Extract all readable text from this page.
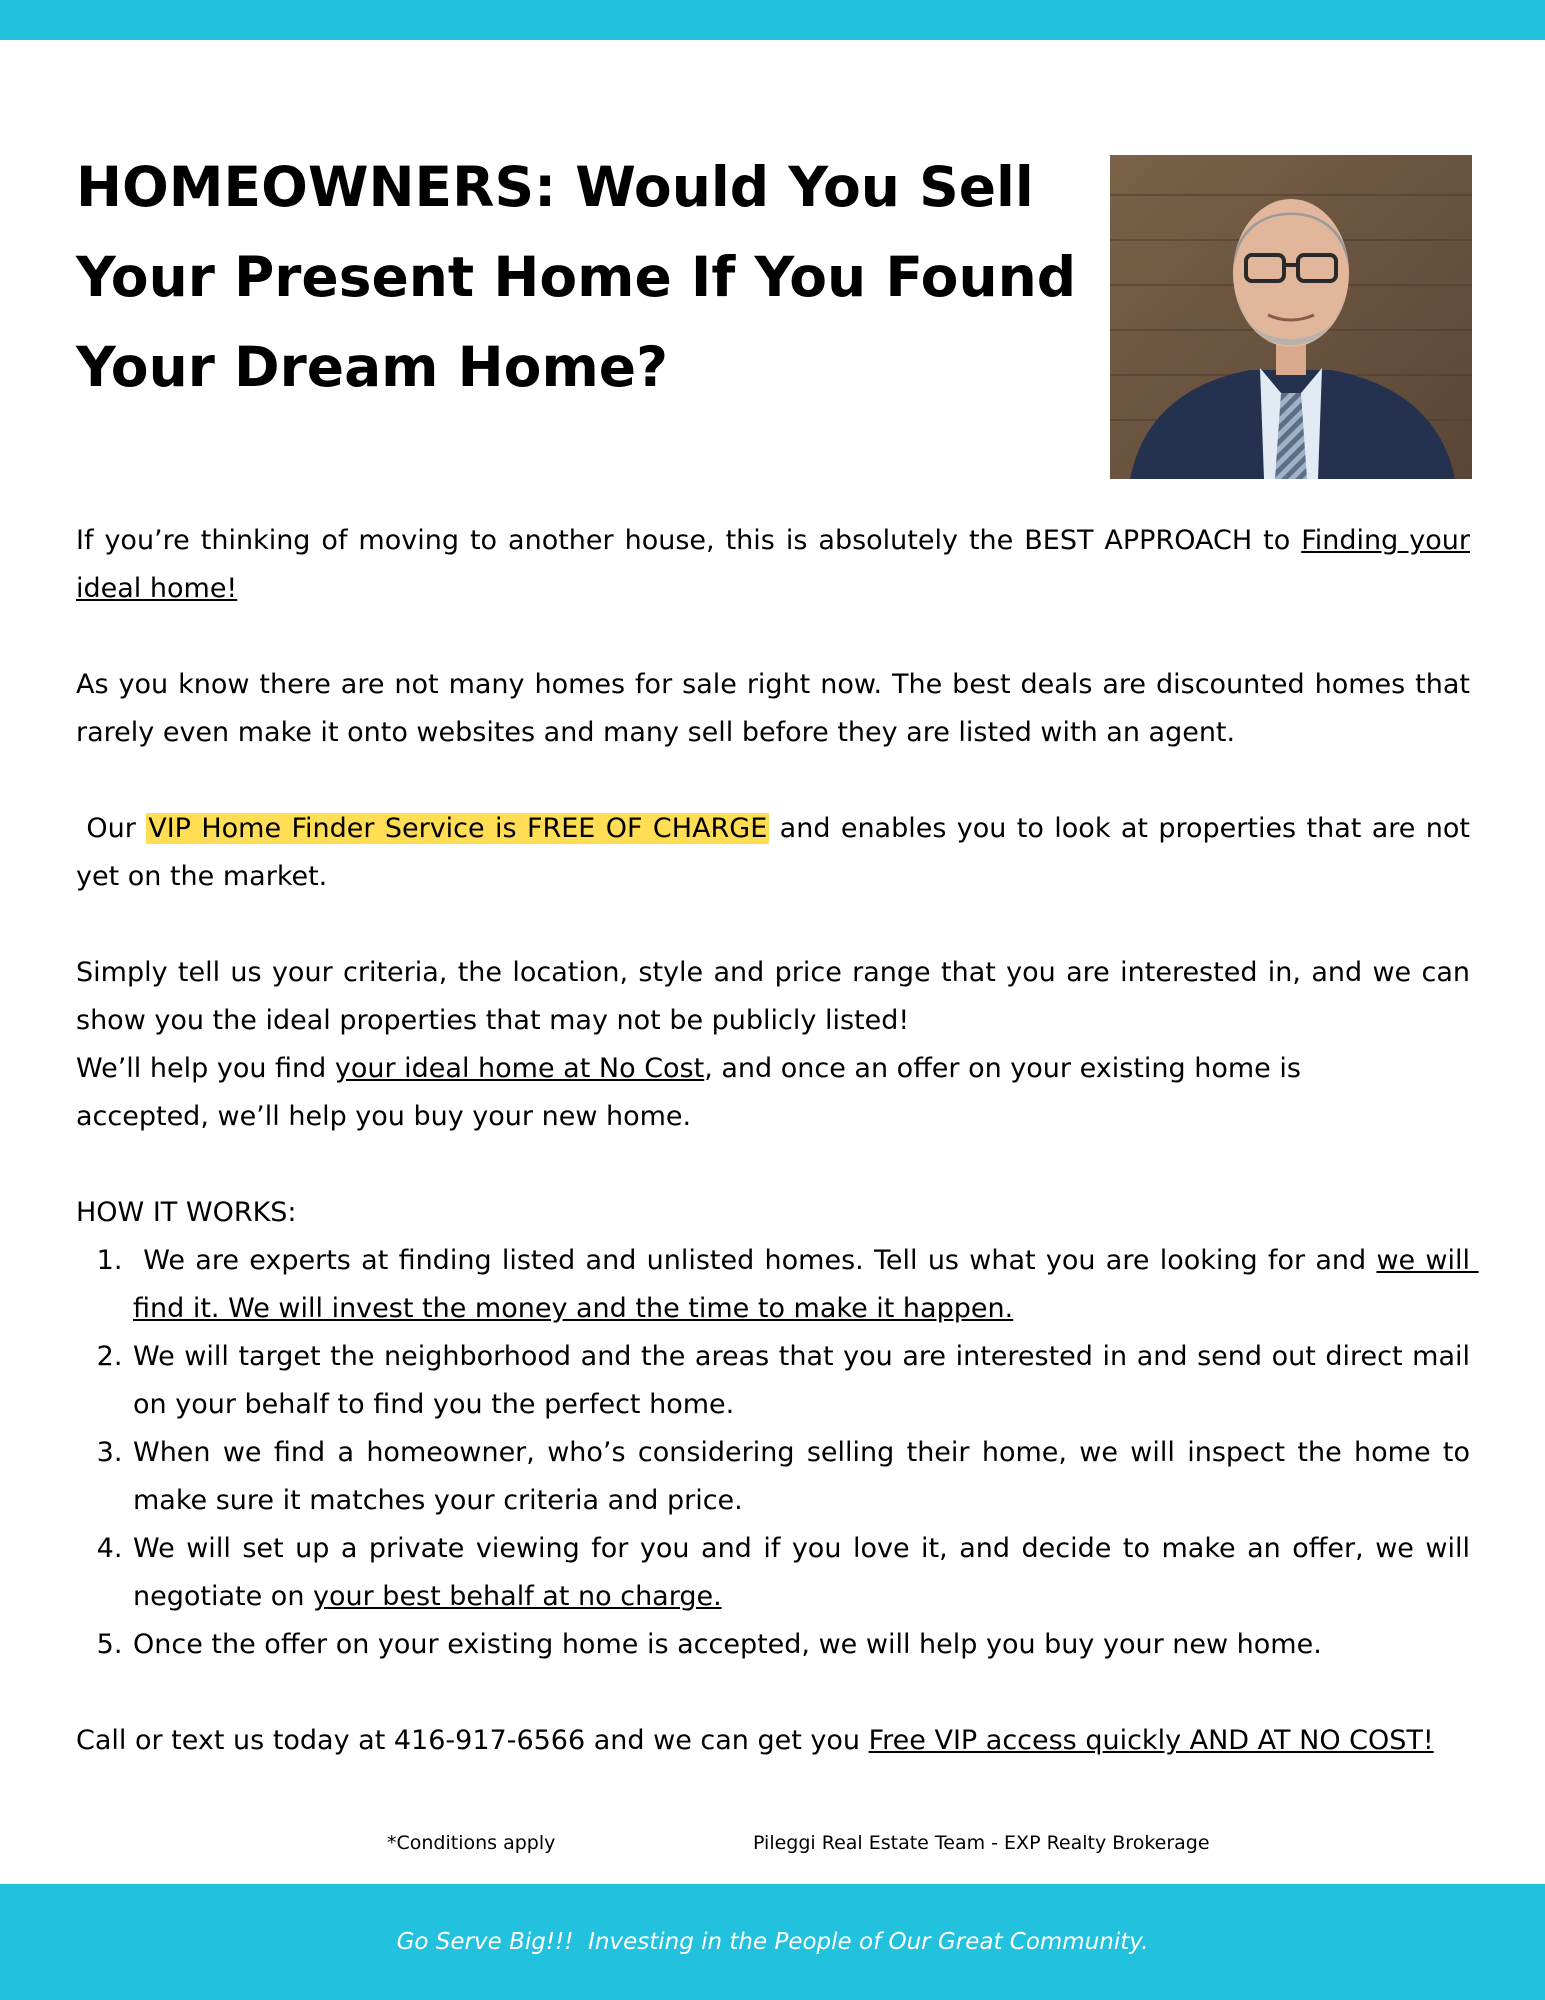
HOMEOWNERS: Would You Sell Your Present Home If You Found Your Dream Home?

If you’re thinking of moving to another house, this is absolutely the BEST APPROACH to Finding your ideal home!

As you know there are not many homes for sale right now. The best deals are discounted homes that rarely even make it onto websites and many sell before they are listed with an agent.

Our VIP Home Finder Service is FREE OF CHARGE and enables you to look at properties that are not yet on the market.

Simply tell us your criteria, the location, style and price range that you are interested in, and we can show you the ideal properties that may not be publicly listed!

We’ll help you find your ideal home at No Cost, and once an offer on your existing home is

accepted, we’ll help you buy your new home.

HOW IT WORKS:

1.  We are experts at finding listed and unlisted homes. Tell us what you are looking for and we will find it. We will invest the money and the time to make it happen.
2. We will target the neighborhood and the areas that you are interested in and send out direct mail on your behalf to find you the perfect home.
3. When we find a homeowner, who’s considering selling their home, we will inspect the home to make sure it matches your criteria and price.
4. We will set up a private viewing for you and if you love it, and decide to make an offer, we will negotiate on your best behalf at no charge.
5. Once the offer on your existing home is accepted, we will help you buy your new home.

Call or text us today at 416-917-6566 and we can get you Free VIP access quickly AND AT NO COST!

*Conditions apply	Pileggi Real Estate Team - EXP Realty Brokerage
Go Serve Big!!!  Investing in the People of Our Great Community.
